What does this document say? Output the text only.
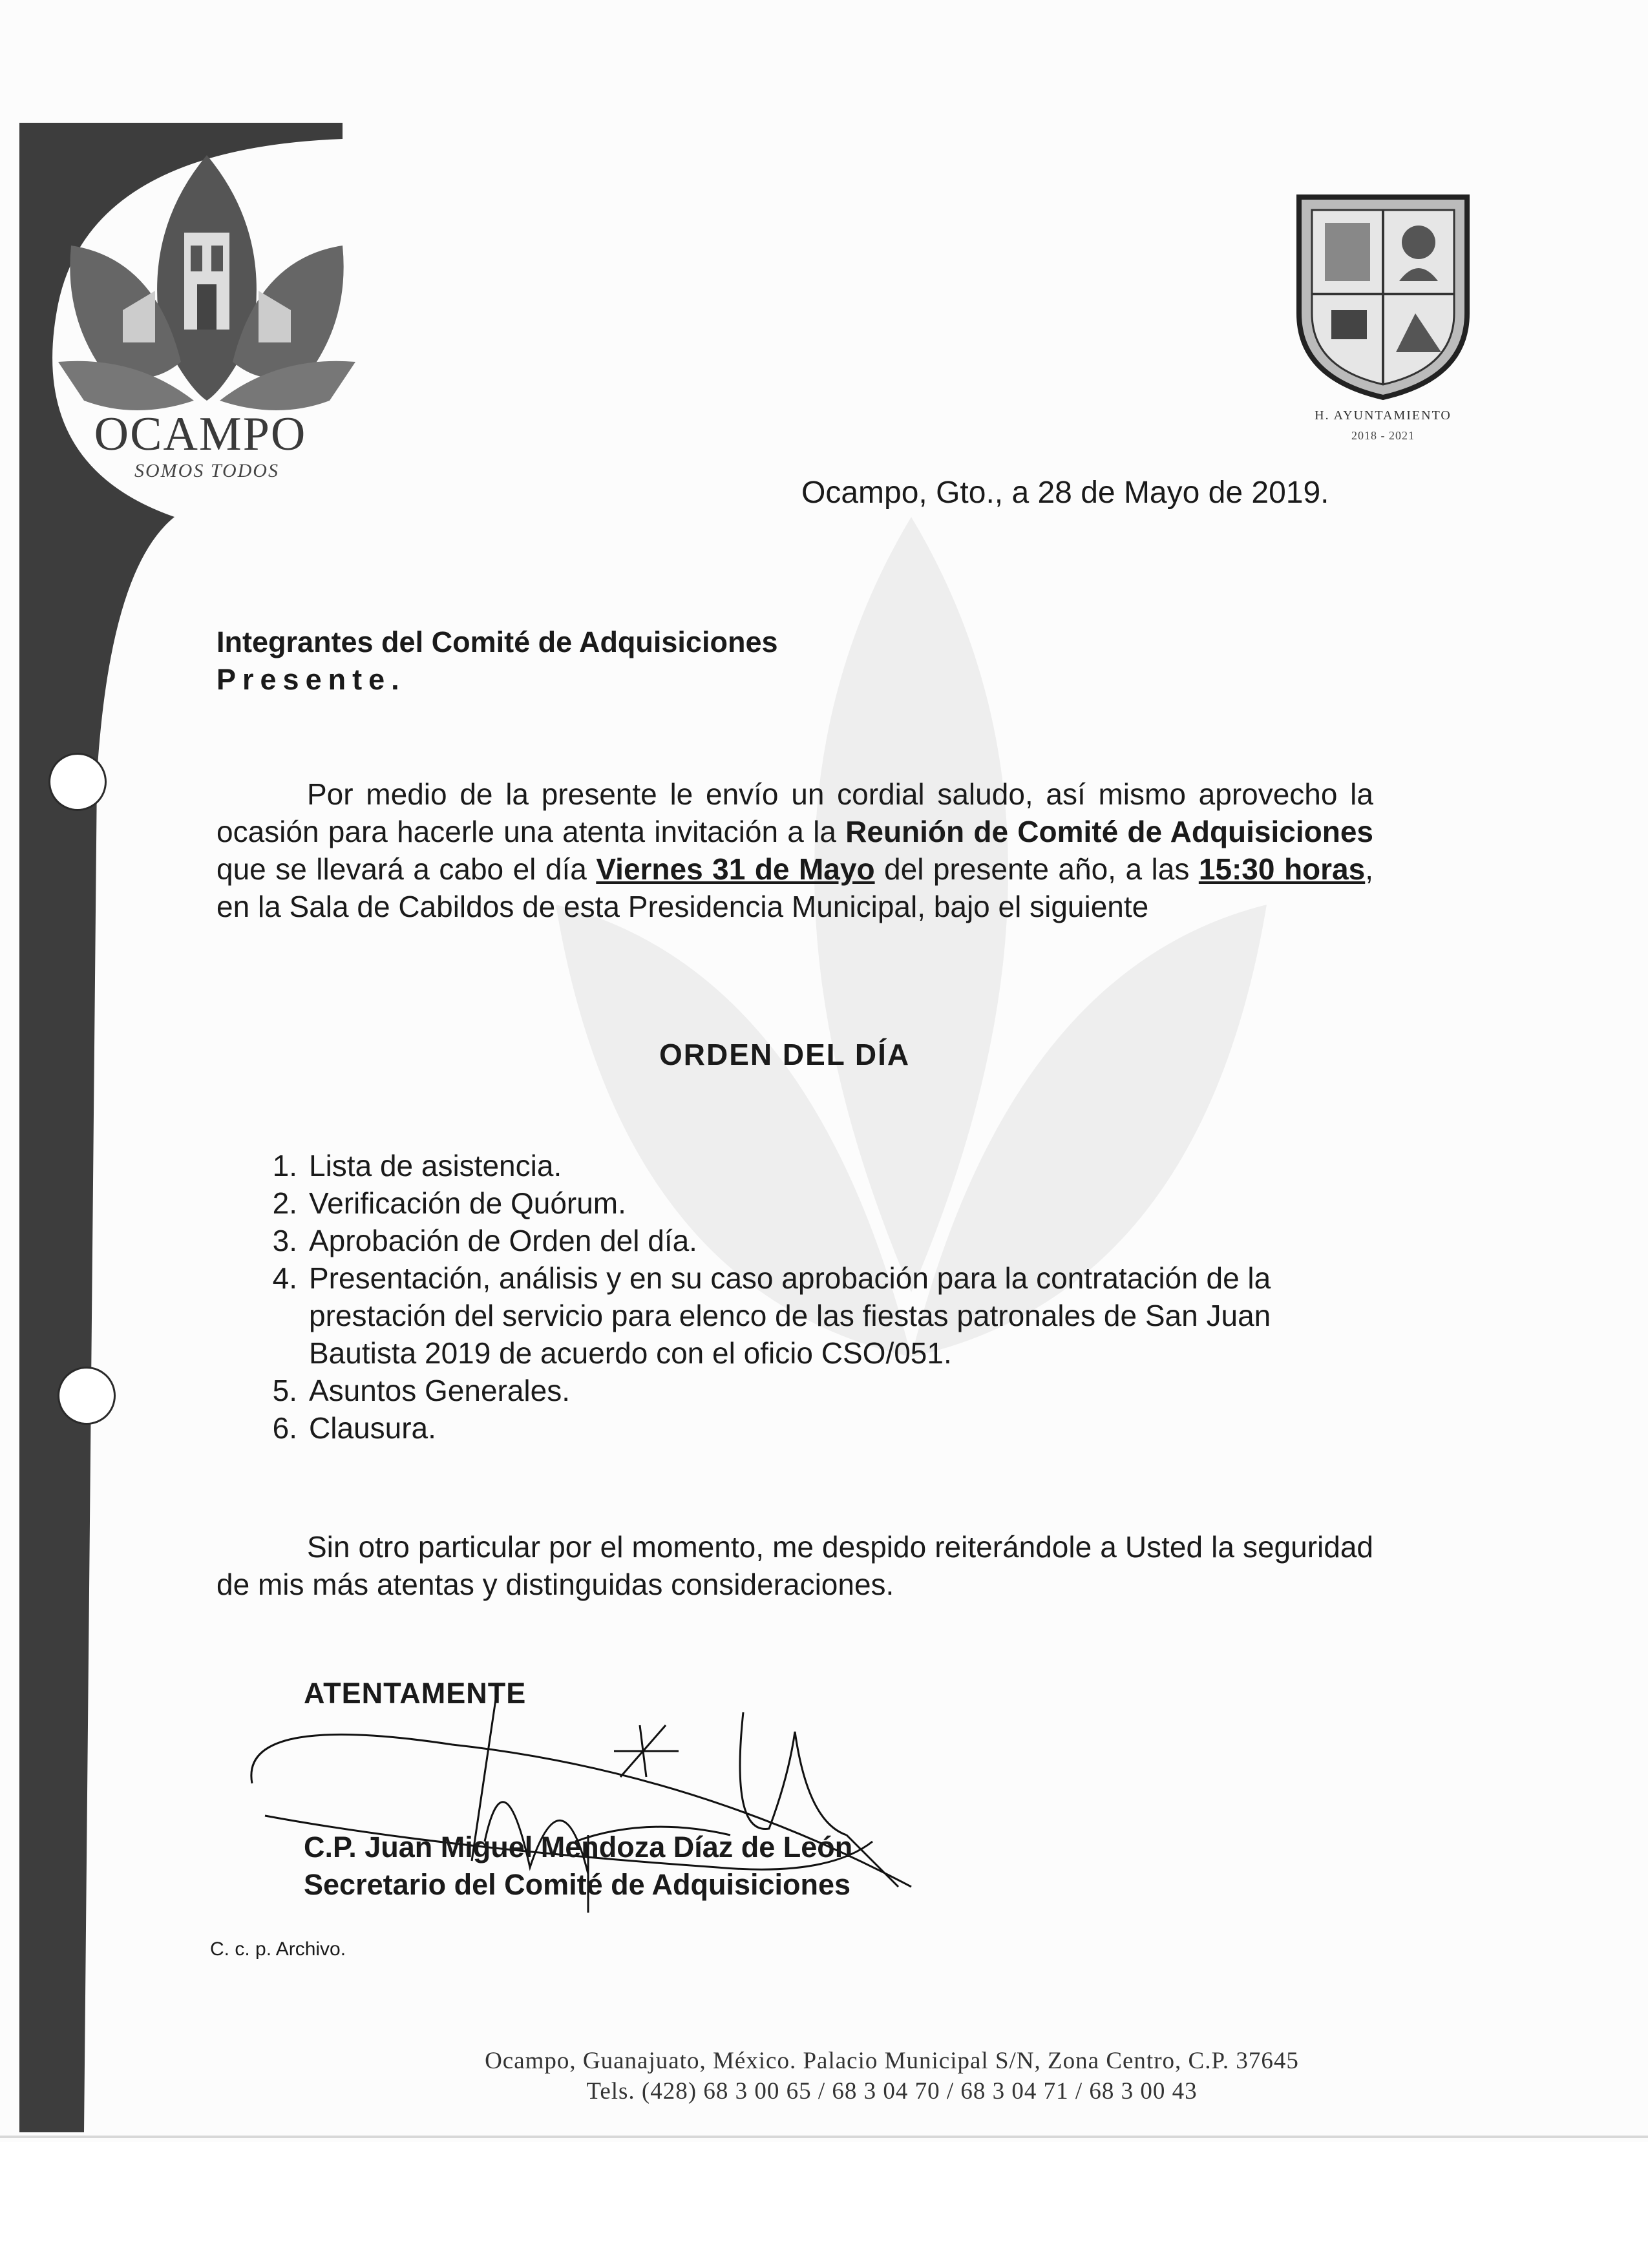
OCAMPO
SOMOS TODOS
H. AYUNTAMIENTO
2018 - 2021
Ocampo, Gto., a 28 de Mayo de 2019.
Integrantes del Comité de Adquisiciones
Presente.
Por medio de la presente le envío un cordial saludo, así mismo aprovecho la ocasión para hacerle una atenta invitación a la Reunión de Comité de Adquisiciones que se llevará a cabo el día Viernes 31 de Mayo del presente año, a las 15:30 horas, en la Sala de Cabildos de esta Presidencia Municipal, bajo el siguiente
ORDEN DEL DÍA
1. Lista de asistencia.
2. Verificación de Quórum.
3. Aprobación de Orden del día.
4. Presentación, análisis y en su caso aprobación para la contratación de la prestación del servicio para elenco de las fiestas patronales de San Juan Bautista 2019 de acuerdo con el oficio CSO/051.
5. Asuntos Generales.
6. Clausura.
Sin otro particular por el momento, me despido reiterándole a Usted la seguridad de mis más atentas y distinguidas consideraciones.
ATENTAMENTE
C.P. Juan Miguel Mendoza Díaz de León
Secretario del Comité de Adquisiciones
C. c. p. Archivo.
Ocampo, Guanajuato, México. Palacio Municipal S/N, Zona Centro, C.P. 37645
Tels. (428) 68 3 00 65 / 68 3 04 70 / 68 3 04 71 / 68 3 00 43
